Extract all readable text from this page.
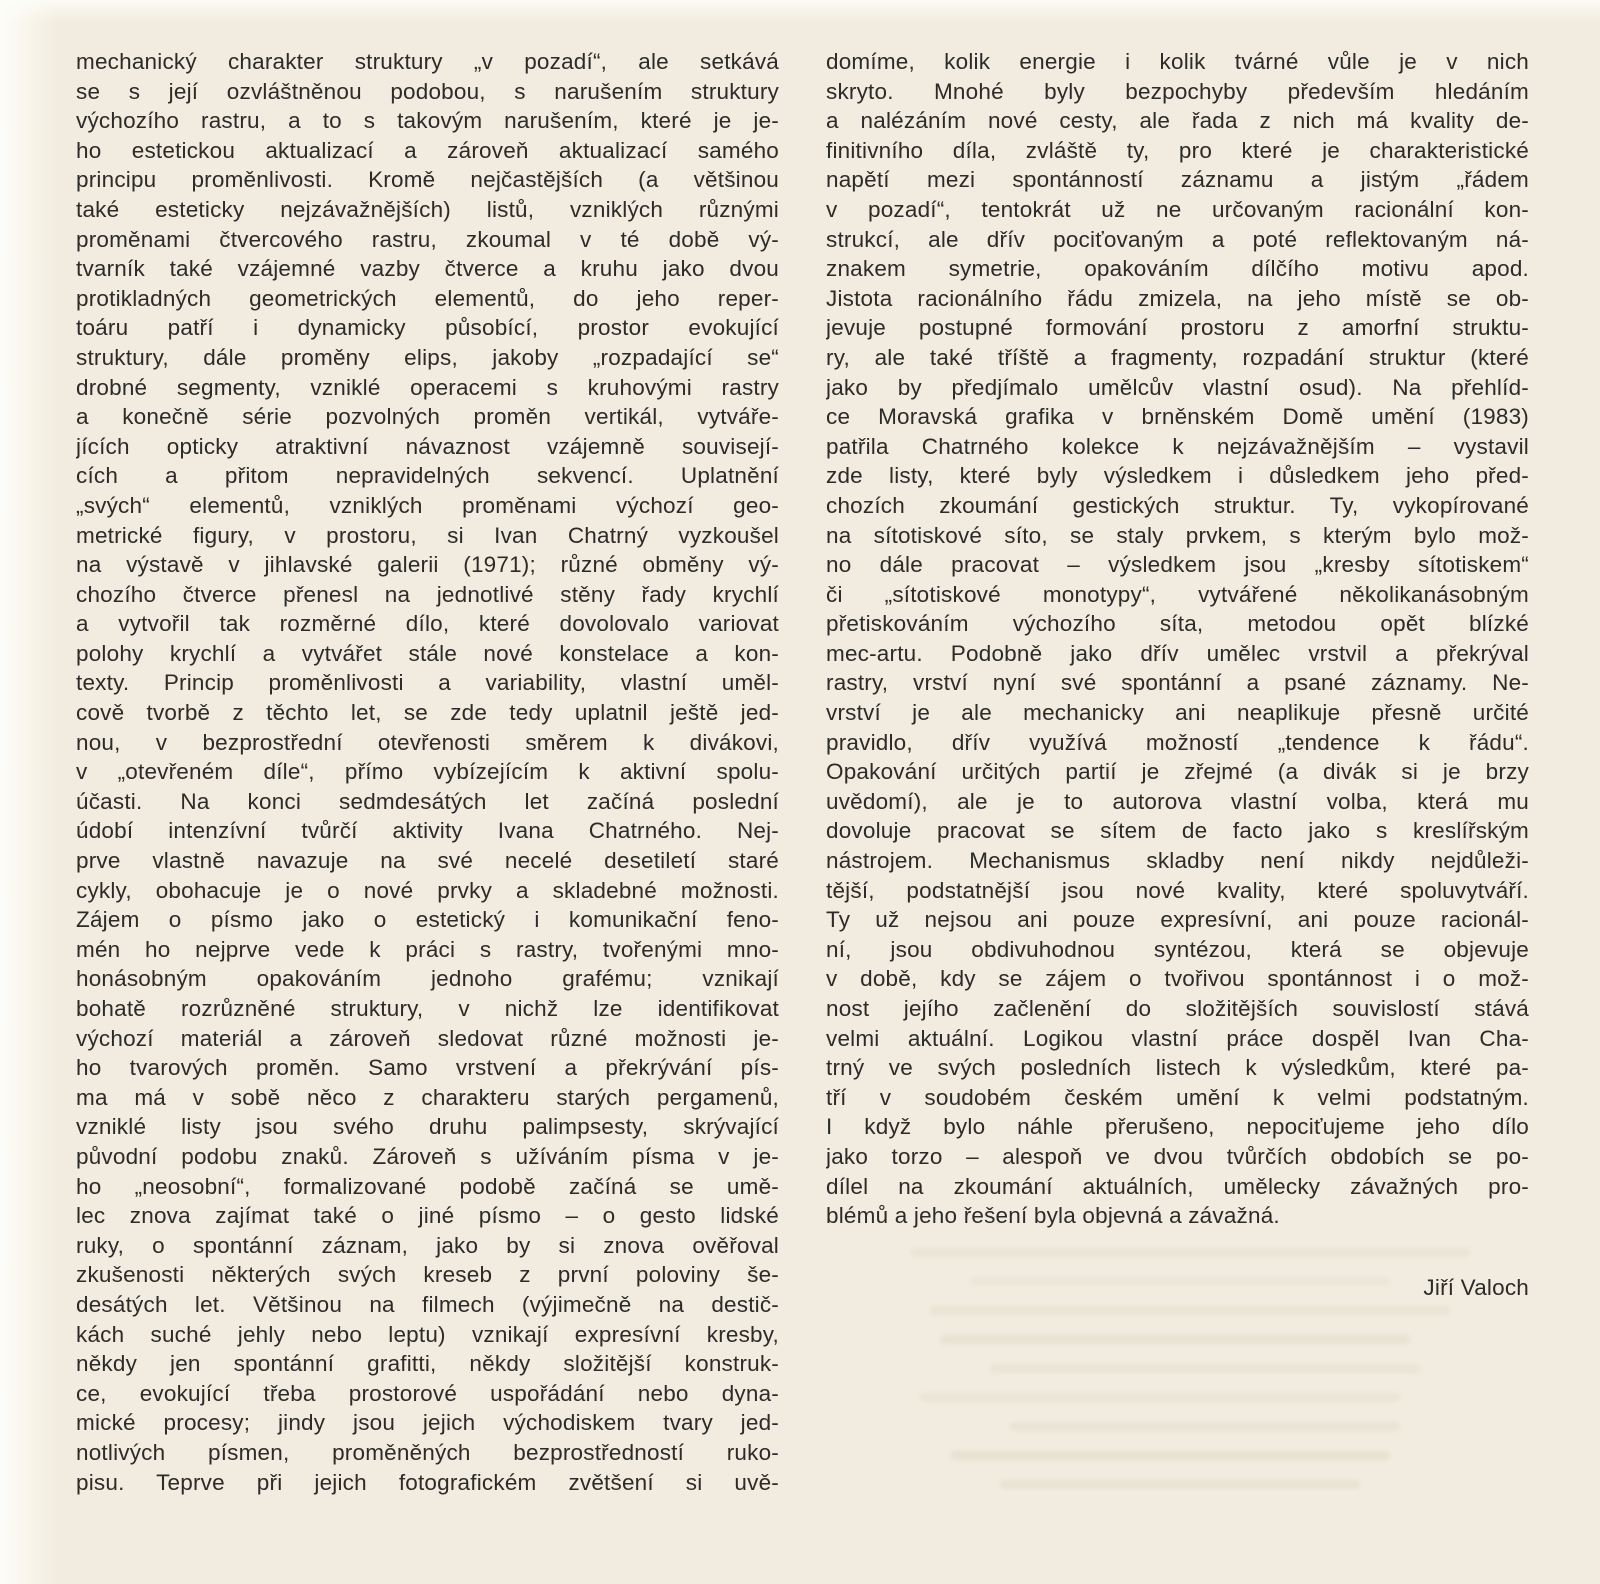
mechanický charakter struktury „v pozadí“, ale setkává
se s její ozvláštněnou podobou, s narušením struktury
výchozího rastru, a to s takovým narušením, které je je-
ho estetickou aktualizací a zároveň aktualizací samého
principu proměnlivosti. Kromě nejčastějších (a většinou
také esteticky nejzávažnějších) listů, vzniklých různými
proměnami čtvercového rastru, zkoumal v té době vý-
tvarník také vzájemné vazby čtverce a kruhu jako dvou
protikladných geometrických elementů, do jeho reper-
toáru patří i dynamicky působící, prostor evokující
struktury, dále proměny elips, jakoby „rozpadající se“
drobné segmenty, vzniklé operacemi s kruhovými rastry
a konečně série pozvolných proměn vertikál, vytváře-
jících opticky atraktivní návaznost vzájemně souvisejí-
cích a přitom nepravidelných sekvencí. Uplatnění
„svých“ elementů, vzniklých proměnami výchozí geo-
metrické figury, v prostoru, si Ivan Chatrný vyzkoušel
na výstavě v jihlavské galerii (1971); různé obměny vý-
chozího čtverce přenesl na jednotlivé stěny řady krychlí
a vytvořil tak rozměrné dílo, které dovolovalo variovat
polohy krychlí a vytvářet stále nové konstelace a kon-
texty. Princip proměnlivosti a variability, vlastní uměl-
cově tvorbě z těchto let, se zde tedy uplatnil ještě jed-
nou, v bezprostřední otevřenosti směrem k divákovi,
v „otevřeném díle“, přímo vybízejícím k aktivní spolu-
účasti. Na konci sedmdesátých let začíná poslední
údobí intenzívní tvůrčí aktivity Ivana Chatrného. Nej-
prve vlastně navazuje na své necelé desetiletí staré
cykly, obohacuje je o nové prvky a skladebné možnosti.
Zájem o písmo jako o estetický i komunikační feno-
mén ho nejprve vede k práci s rastry, tvořenými mno-
honásobným opakováním jednoho grafému; vznikají
bohatě rozrůzněné struktury, v nichž lze identifikovat
výchozí materiál a zároveň sledovat různé možnosti je-
ho tvarových proměn. Samo vrstvení a překrývání pís-
ma má v sobě něco z charakteru starých pergamenů,
vzniklé listy jsou svého druhu palimpsesty, skrývající
původní podobu znaků. Zároveň s užíváním písma v je-
ho „neosobní“, formalizované podobě začíná se umě-
lec znova zajímat také o jiné písmo – o gesto lidské
ruky, o spontánní záznam, jako by si znova ověřoval
zkušenosti některých svých kreseb z první poloviny še-
desátých let. Většinou na filmech (výjimečně na destič-
kách suché jehly nebo leptu) vznikají expresívní kresby,
někdy jen spontánní grafitti, někdy složitější konstruk-
ce, evokující třeba prostorové uspořádání nebo dyna-
mické procesy; jindy jsou jejich východiskem tvary jed-
notlivých písmen, proměněných bezprostředností ruko-
pisu. Teprve při jejich fotografickém zvětšení si uvě-
domíme, kolik energie i kolik tvárné vůle je v nich
skryto. Mnohé byly bezpochyby především hledáním
a nalézáním nové cesty, ale řada z nich má kvality de-
finitivního díla, zvláště ty, pro které je charakteristické
napětí mezi spontánností záznamu a jistým „řádem
v pozadí“, tentokrát už ne určovaným racionální kon-
strukcí, ale dřív pociťovaným a poté reflektovaným ná-
znakem symetrie, opakováním dílčího motivu apod.
Jistota racionálního řádu zmizela, na jeho místě se ob-
jevuje postupné formování prostoru z amorfní struktu-
ry, ale také tříště a fragmenty, rozpadání struktur (které
jako by předjímalo umělcův vlastní osud). Na přehlíd-
ce Moravská grafika v brněnském Domě umění (1983)
patřila Chatrného kolekce k nejzávažnějším – vystavil
zde listy, které byly výsledkem i důsledkem jeho před-
chozích zkoumání gestických struktur. Ty, vykopírované
na sítotiskové síto, se staly prvkem, s kterým bylo mož-
no dále pracovat – výsledkem jsou „kresby sítotiskem“
či „sítotiskové monotypy“, vytvářené několikanásobným
přetiskováním výchozího síta, metodou opět blízké
mec-artu. Podobně jako dřív umělec vrstvil a překrýval
rastry, vrství nyní své spontánní a psané záznamy. Ne-
vrství je ale mechanicky ani neaplikuje přesně určité
pravidlo, dřív využívá možností „tendence k řádu“.
Opakování určitých partií je zřejmé (a divák si je brzy
uvědomí), ale je to autorova vlastní volba, která mu
dovoluje pracovat se sítem de facto jako s kreslířským
nástrojem. Mechanismus skladby není nikdy nejdůleži-
tější, podstatnější jsou nové kvality, které spoluvytváří.
Ty už nejsou ani pouze expresívní, ani pouze racionál-
ní, jsou obdivuhodnou syntézou, která se objevuje
v době, kdy se zájem o tvořivou spontánnost i o mož-
nost jejího začlenění do složitějších souvislostí stává
velmi aktuální. Logikou vlastní práce dospěl Ivan Cha-
trný ve svých posledních listech k výsledkům, které pa-
tří v soudobém českém umění k velmi podstatným.
I když bylo náhle přerušeno, nepociťujeme jeho dílo
jako torzo – alespoň ve dvou tvůrčích obdobích se po-
dílel na zkoumání aktuálních, umělecky závažných pro-
blémů a jeho řešení byla objevná a závažná.
Jiří Valoch
